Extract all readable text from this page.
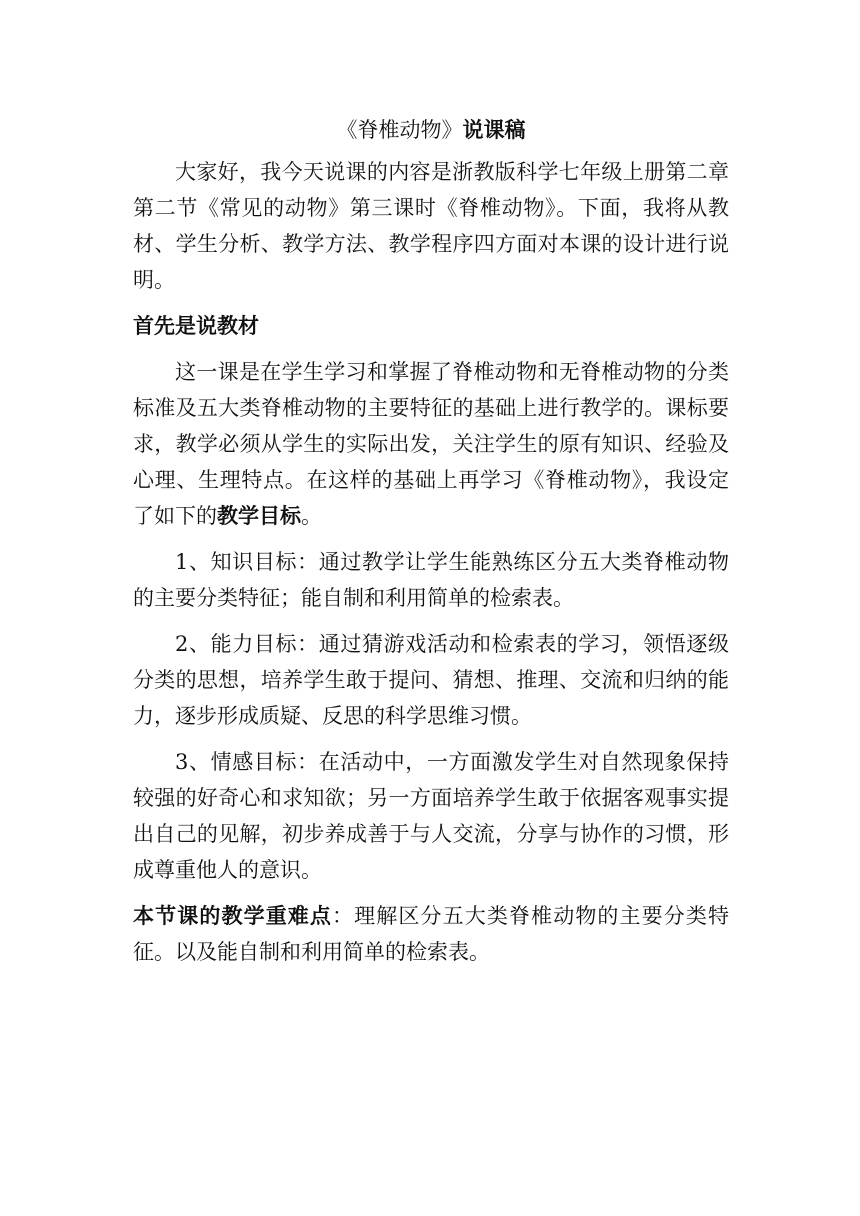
《脊椎动物》说课稿

大家好，我今天说课的内容是浙教版科学七年级上册第二章第二节《常见的动物》第三课时《脊椎动物》。下面，我将从教材、学生分析、教学方法、教学程序四方面对本课的设计进行说明。

首先是说教材

这一课是在学生学习和掌握了脊椎动物和无脊椎动物的分类标准及五大类脊椎动物的主要特征的基础上进行教学的。课标要求，教学必须从学生的实际出发，关注学生的原有知识、经验及心理、生理特点。在这样的基础上再学习《脊椎动物》，我设定了如下的教学目标。

1、知识目标：通过教学让学生能熟练区分五大类脊椎动物的主要分类特征；能自制和利用简单的检索表。

2、能力目标：通过猜游戏活动和检索表的学习，领悟逐级分类的思想，培养学生敢于提问、猜想、推理、交流和归纳的能力，逐步形成质疑、反思的科学思维习惯。

3、情感目标：在活动中，一方面激发学生对自然现象保持较强的好奇心和求知欲；另一方面培养学生敢于依据客观事实提出自己的见解，初步养成善于与人交流，分享与协作的习惯，形成尊重他人的意识。

本节课的教学重难点：理解区分五大类脊椎动物的主要分类特征。以及能自制和利用简单的检索表。
